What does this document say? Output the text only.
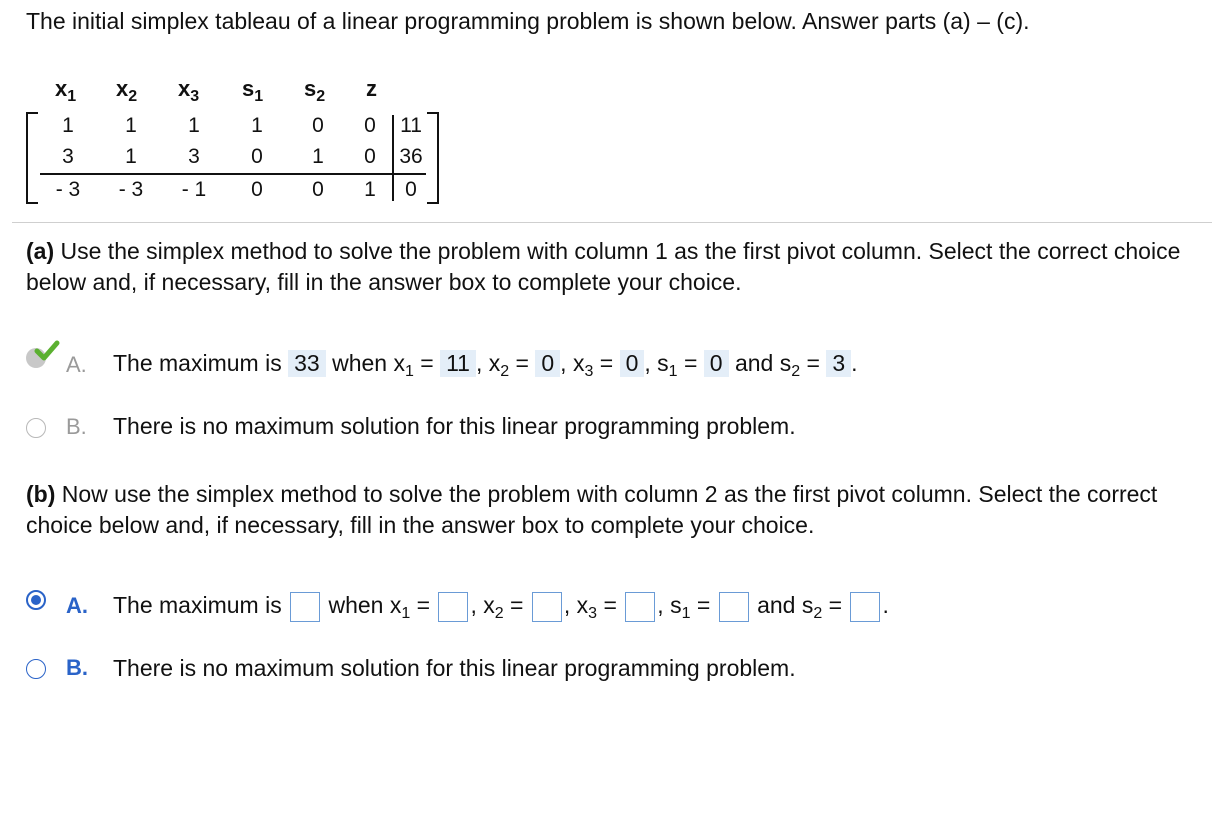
The initial simplex tableau of a linear programming problem is shown below. Answer parts (a) – (c).
$x_1$ $x_2$ $x_3$ $s_1$ $s_2$ z
1	1	1	1	0	0	11
3	1	3	0	1	0	36
- 3	- 3	- 1	0	0	1	0
(a) Use the simplex method to solve the problem with column 1 as the first pivot column. Select the correct choice below and, if necessary, fill in the answer box to complete your choice.
A. The maximum is 33 when $x_1 = 11$ , $x_2 = 0$ , $x_3 = 0$ , $s_1 = 0$ and $s_2 = 3$ .
B. There is no maximum solution for this linear programming problem.
(b) Now use the simplex method to solve the problem with column 2 as the first pivot column. Select the correct choice below and, if necessary, fill in the answer box to complete your choice.
A. The maximum is when $x_1$ = , $x_2$ = , $x_3$ = , $s_1$ =  and $s_2$ = .
B. There is no maximum solution for this linear programming problem.
